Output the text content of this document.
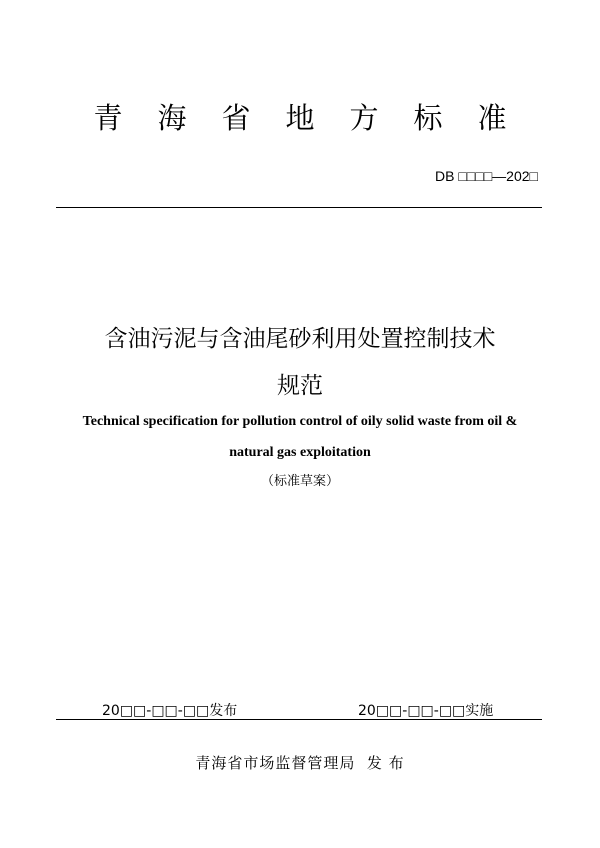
青海省地方标准
DB □□□□—202□
含油污泥与含油尾砂利用处置控制技术
规范
Technical specification for pollution control of oily solid waste from oil &
natural gas exploitation
（标准草案）
20□□-□□-□□发布	20□□-□□-□□实施
青海省市场监督管理局  发 布
